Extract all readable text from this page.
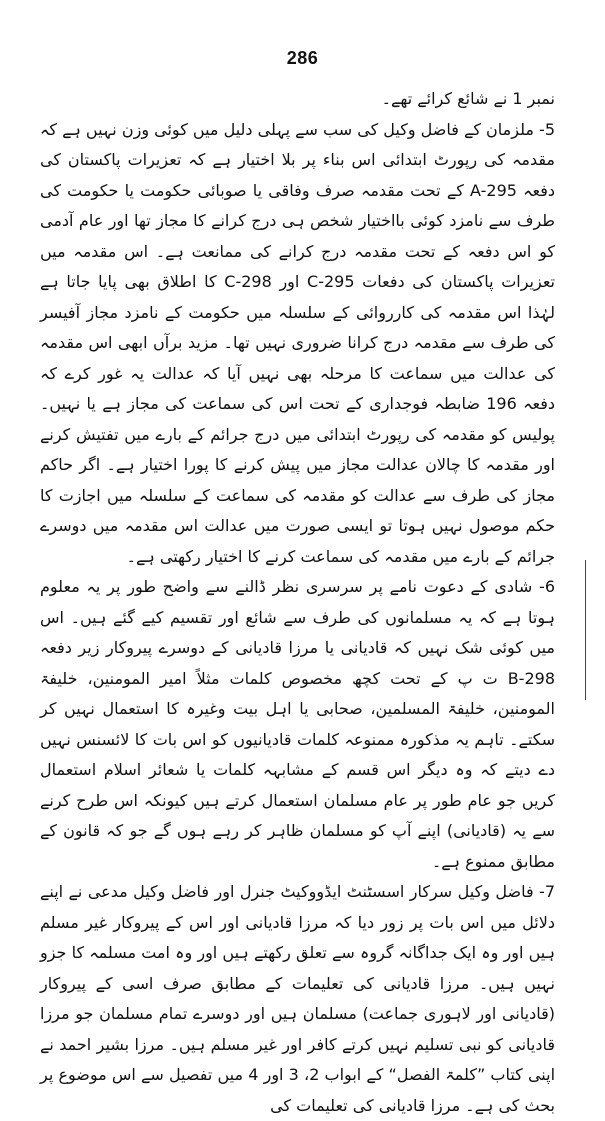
286

نمبر 1 نے شائع کرائے تھے۔

5- ملزمان کے فاضل وکیل کی سب سے پہلی دلیل میں کوئی وزن نہیں ہے کہ مقدمہ کی رپورٹ ابتدائی اس بناء پر بلا اختیار ہے کہ تعزیرات پاکستان کی دفعہ A-295 کے تحت مقدمہ صرف وفاقی یا صوبائی حکومت یا حکومت کی طرف سے نامزد کوئی بااختیار شخص ہی درج کرانے کا مجاز تھا اور عام آدمی کو اس دفعہ کے تحت مقدمہ درج کرانے کی ممانعت ہے۔ اس مقدمہ میں تعزیرات پاکستان کی دفعات C-295 اور C-298 کا اطلاق بھی پایا جاتا ہے لہٰذا اس مقدمہ کی کارروائی کے سلسلہ میں حکومت کے نامزد مجاز آفیسر کی طرف سے مقدمہ درج کرانا ضروری نہیں تھا۔ مزید برآں ابھی اس مقدمہ کی عدالت میں سماعت کا مرحلہ بھی نہیں آیا کہ عدالت یہ غور کرے کہ دفعہ 196 ضابطہ فوجداری کے تحت اس کی سماعت کی مجاز ہے یا نہیں۔ پولیس کو مقدمہ کی رپورٹ ابتدائی میں درج جرائم کے بارے میں تفتیش کرنے اور مقدمہ کا چالان عدالت مجاز میں پیش کرنے کا پورا اختیار ہے۔ اگر حاکم مجاز کی طرف سے عدالت کو مقدمہ کی سماعت کے سلسلہ میں اجازت کا حکم موصول نہیں ہوتا تو ایسی صورت میں عدالت اس مقدمہ میں دوسرے جرائم کے بارے میں مقدمہ کی سماعت کرنے کا اختیار رکھتی ہے۔

6- شادی کے دعوت نامے پر سرسری نظر ڈالنے سے واضح طور پر یہ معلوم ہوتا ہے کہ یہ مسلمانوں کی طرف سے شائع اور تقسیم کیے گئے ہیں۔ اس میں کوئی شک نہیں کہ قادیانی یا مرزا قادیانی کے دوسرے پیروکار زیر دفعہ B-298 ت پ کے تحت کچھ مخصوص کلمات مثلاً امیر المومنین، خلیفۃ المومنین، خلیفۃ المسلمین، صحابی یا اہل بیت وغیرہ کا استعمال نہیں کر سکتے۔ تاہم یہ مذکورہ ممنوعہ کلمات قادیانیوں کو اس بات کا لائسنس نہیں دے دیتے کہ وہ دیگر اس قسم کے مشابہہ کلمات یا شعائر اسلام استعمال کریں جو عام طور پر عام مسلمان استعمال کرتے ہیں کیونکہ اس طرح کرنے سے یہ (قادیانی) اپنے آپ کو مسلمان ظاہر کر رہے ہوں گے جو کہ قانون کے مطابق ممنوع ہے۔

7- فاضل وکیل سرکار اسسٹنٹ ایڈووکیٹ جنرل اور فاضل وکیل مدعی نے اپنے دلائل میں اس بات پر زور دیا کہ مرزا قادیانی اور اس کے پیروکار غیر مسلم ہیں اور وہ ایک جداگانہ گروہ سے تعلق رکھتے ہیں اور وہ امت مسلمہ کا جزو نہیں ہیں۔ مرزا قادیانی کی تعلیمات کے مطابق صرف اسی کے پیروکار (قادیانی اور لاہوری جماعت) مسلمان ہیں اور دوسرے تمام مسلمان جو مرزا قادیانی کو نبی تسلیم نہیں کرتے کافر اور غیر مسلم ہیں۔ مرزا بشیر احمد نے اپنی کتاب ”کلمۃ الفصل“ کے ابواب 2، 3 اور 4 میں تفصیل سے اس موضوع پر بحث کی ہے۔ مرزا قادیانی کی تعلیمات کی
